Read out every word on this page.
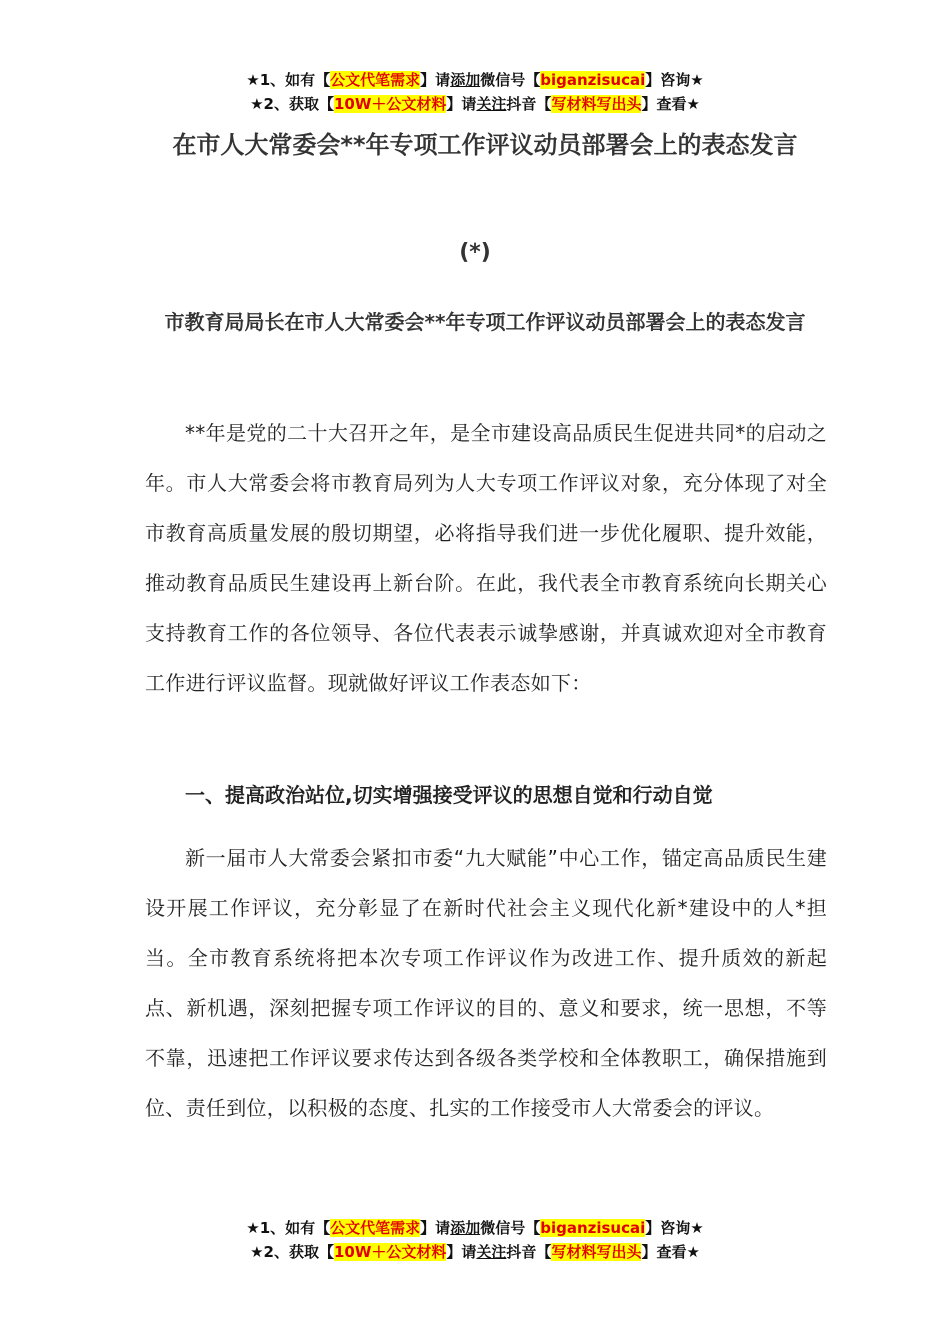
★1、如有【公文代笔需求】请添加微信号【biganzisucai】咨询★
★2、获取【10W＋公文材料】请关注抖音【写材料写出头】查看★
在市人大常委会**年专项工作评议动员部署会上的表态发言
(*)
市教育局局长在市人大常委会**年专项工作评议动员部署会上的表态发言
**年是党的二十大召开之年，是全市建设高品质民生促进共同*的启动之年。市人大常委会将市教育局列为人大专项工作评议对象，充分体现了对全市教育高质量发展的殷切期望，必将指导我们进一步优化履职、提升效能，推动教育品质民生建设再上新台阶。在此，我代表全市教育系统向长期关心支持教育工作的各位领导、各位代表表示诚挚感谢，并真诚欢迎对全市教育工作进行评议监督。现就做好评议工作表态如下：
一、提高政治站位,切实增强接受评议的思想自觉和行动自觉
新一届市人大常委会紧扣市委“九大赋能”中心工作，锚定高品质民生建设开展工作评议，充分彰显了在新时代社会主义现代化新*建设中的人*担当。全市教育系统将把本次专项工作评议作为改进工作、提升质效的新起点、新机遇，深刻把握专项工作评议的目的、意义和要求，统一思想，不等不靠，迅速把工作评议要求传达到各级各类学校和全体教职工，确保措施到位、责任到位，以积极的态度、扎实的工作接受市人大常委会的评议。
★1、如有【公文代笔需求】请添加微信号【biganzisucai】咨询★
★2、获取【10W＋公文材料】请关注抖音【写材料写出头】查看★
